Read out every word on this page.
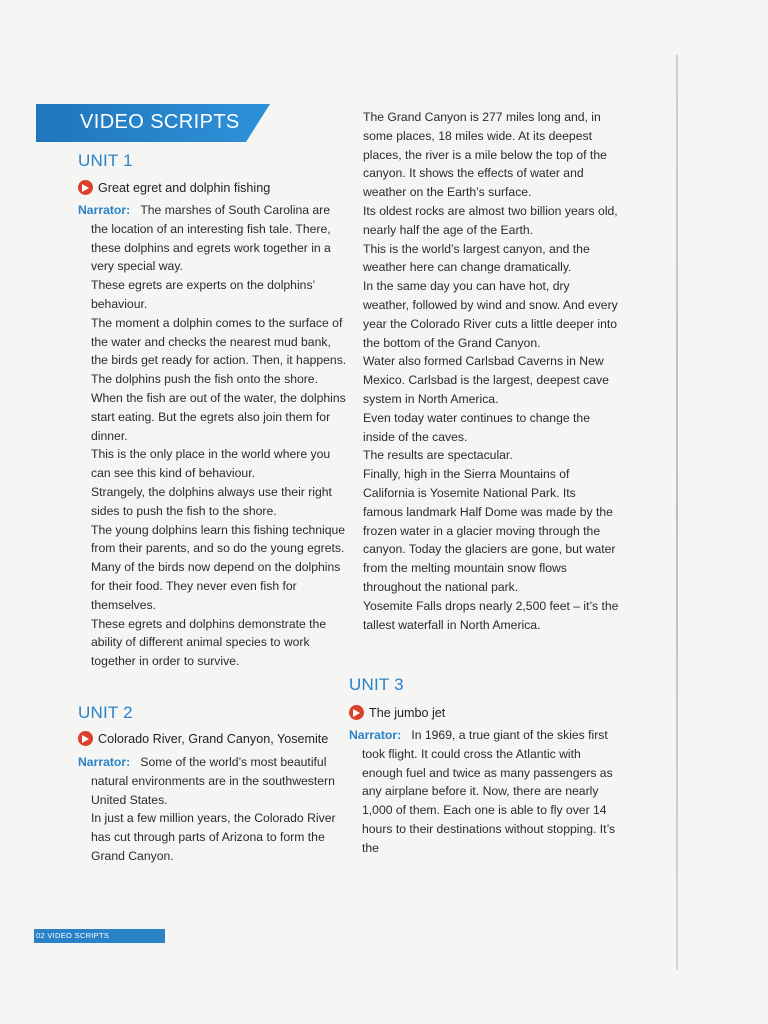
VIDEO SCRIPTS
UNIT 1
Great egret and dolphin fishing

Narrator: The marshes of South Carolina are the location of an interesting fish tale. There, these dolphins and egrets work together in a very special way.

These egrets are experts on the dolphins’ behaviour.

The moment a dolphin comes to the surface of the water and checks the nearest mud bank, the birds get ready for action. Then, it happens. The dolphins push the fish onto the shore.

When the fish are out of the water, the dolphins start eating. But the egrets also join them for dinner.

This is the only place in the world where you can see this kind of behaviour.

Strangely, the dolphins always use their right sides to push the fish to the shore.

The young dolphins learn this fishing technique from their parents, and so do the young egrets. Many of the birds now depend on the dolphins for their food. They never even fish for themselves.

These egrets and dolphins demonstrate the ability of different animal species to work together in order to survive.

UNIT 2
Colorado River, Grand Canyon, Yosemite

Narrator: Some of the world’s most beautiful natural environments are in the southwestern United States.

In just a few million years, the Colorado River has cut through parts of Arizona to form the Grand Canyon.

The Grand Canyon is 277 miles long and, in some places, 18 miles wide. At its deepest places, the river is a mile below the top of the canyon. It shows the effects of water and weather on the Earth’s surface.

Its oldest rocks are almost two billion years old, nearly half the age of the Earth.

This is the world’s largest canyon, and the weather here can change dramatically.

In the same day you can have hot, dry weather, followed by wind and snow. And every year the Colorado River cuts a little deeper into the bottom of the Grand Canyon.

Water also formed Carlsbad Caverns in New Mexico. Carlsbad is the largest, deepest cave system in North America.

Even today water continues to change the inside of the caves.

The results are spectacular.

Finally, high in the Sierra Mountains of California is Yosemite National Park. Its famous landmark Half Dome was made by the frozen water in a glacier moving through the canyon. Today the glaciers are gone, but water from the melting mountain snow flows throughout the national park.

Yosemite Falls drops nearly 2,500 feet – it’s the tallest waterfall in North America.

UNIT 3
The jumbo jet

Narrator: In 1969, a true giant of the skies first took flight. It could cross the Atlantic with enough fuel and twice as many passengers as any airplane before it. Now, there are nearly 1,000 of them. Each one is able to fly over 14 hours to their destinations without stopping. It’s the

02 VIDEO SCRIPTS
